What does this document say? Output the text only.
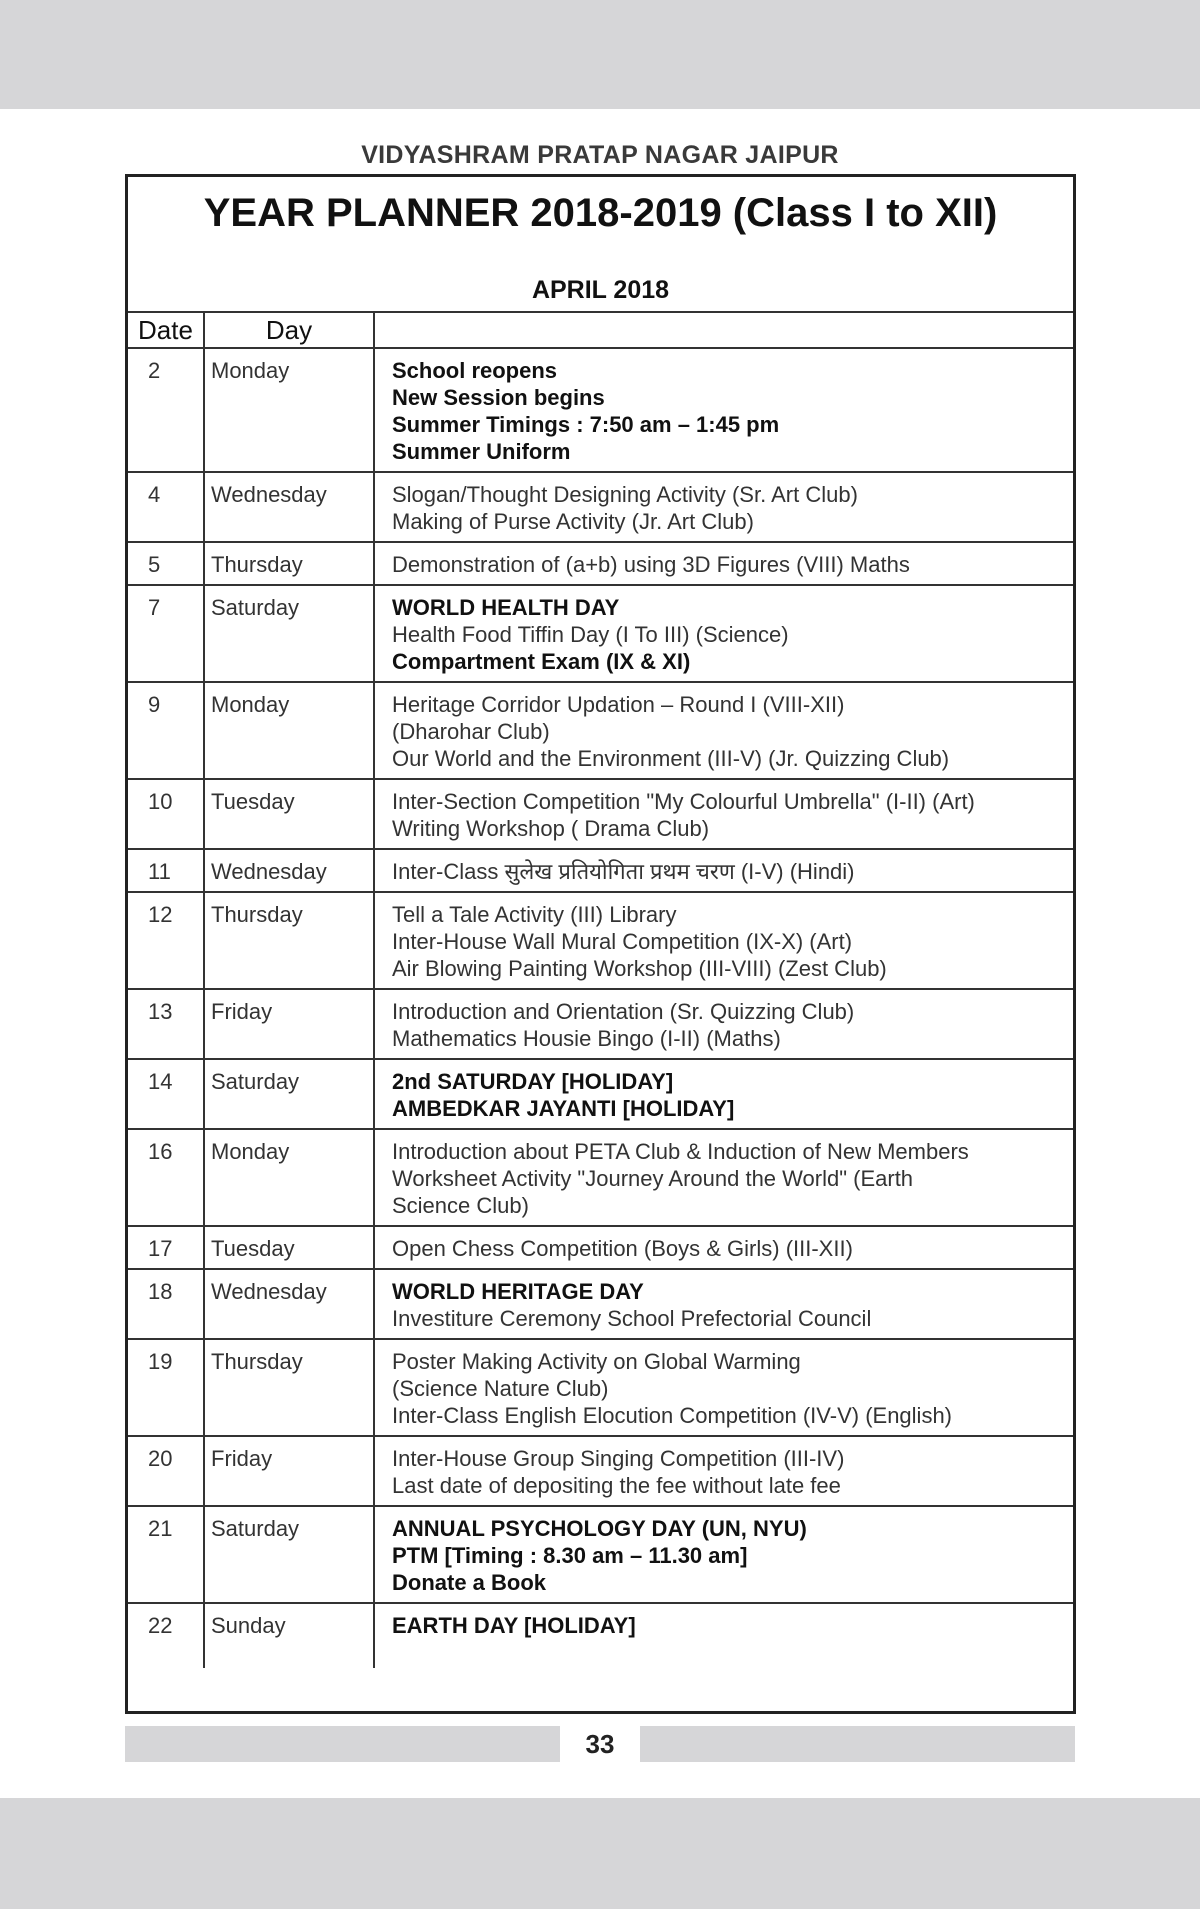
VIDYASHRAM PRATAP NAGAR JAIPUR
YEAR PLANNER 2018-2019 (Class I to XII)
APRIL 2018
Date	Day	
2	Monday	School reopens
New Session begins
Summer Timings : 7:50 am – 1:45 pm
Summer Uniform

4	Wednesday	Slogan/Thought Designing Activity (Sr. Art Club)
Making of Purse Activity (Jr. Art Club)

5	Thursday	Demonstration of (a+b) using 3D Figures (VIII) Maths

7	Saturday	WORLD HEALTH DAY
Health Food Tiffin Day (I To III) (Science)
Compartment Exam (IX & XI)

9	Monday	Heritage Corridor Updation – Round I (VIII-XII)
(Dharohar Club)
Our World and the Environment (III-V) (Jr. Quizzing Club)

10	Tuesday	Inter-Section Competition "My Colourful Umbrella" (I-II) (Art)
Writing Workshop ( Drama Club)

11	Wednesday	Inter-Class सुलेख प्रतियोगिता प्रथम चरण (I-V) (Hindi)

12	Thursday	Tell a Tale Activity (III) Library
Inter-House Wall Mural Competition (IX-X) (Art)
Air Blowing Painting Workshop (III-VIII) (Zest Club)

13	Friday	Introduction and Orientation (Sr. Quizzing Club)
Mathematics Housie Bingo (I-II) (Maths)

14	Saturday	2nd SATURDAY [HOLIDAY]
AMBEDKAR JAYANTI [HOLIDAY]

16	Monday	Introduction about PETA Club & Induction of New Members
Worksheet Activity "Journey Around the World" (Earth
Science Club)

17	Tuesday	Open Chess Competition (Boys & Girls) (III-XII)

18	Wednesday	WORLD HERITAGE DAY
Investiture Ceremony School Prefectorial Council

19	Thursday	Poster Making Activity on Global Warming
(Science Nature Club)
Inter-Class English Elocution Competition (IV-V) (English)

20	Friday	Inter-House Group Singing Competition (III-IV)
Last date of depositing the fee without late fee

21	Saturday	ANNUAL PSYCHOLOGY DAY (UN, NYU)
PTM [Timing : 8.30 am – 11.30 am]
Donate a Book

22	Sunday	EARTH DAY [HOLIDAY]
33
